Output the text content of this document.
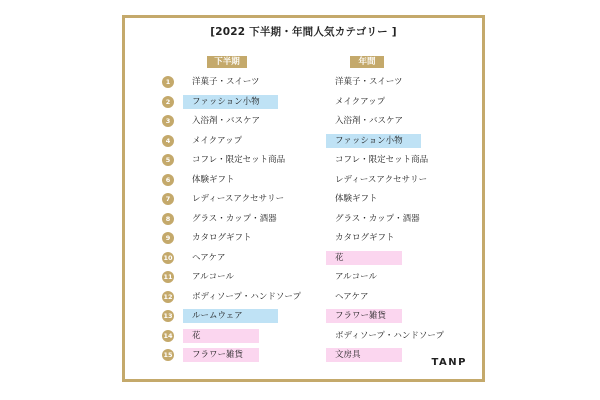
[2022 下半期・年間人気カテゴリー ]
下半期	年間
1	洋菓子・スイーツ	洋菓子・スイーツ
2	ファッション小物	メイクアップ
3	入浴剤・バスケア	入浴剤・バスケア
4	メイクアップ	ファッション小物
5	コフレ・限定セット商品	コフレ・限定セット商品
6	体験ギフト	レディースアクセサリー
7	レディースアクセサリー	体験ギフト
8	グラス・カップ・酒器	グラス・カップ・酒器
9	カタログギフト	カタログギフト
10	ヘアケア	花
11	アルコール	アルコール
12	ボディソープ・ハンドソープ	ヘアケア
13	ルームウェア	フラワー雑貨
14	花	ボディソープ・ハンドソープ
15	フラワー雑貨	文房具
TANP
